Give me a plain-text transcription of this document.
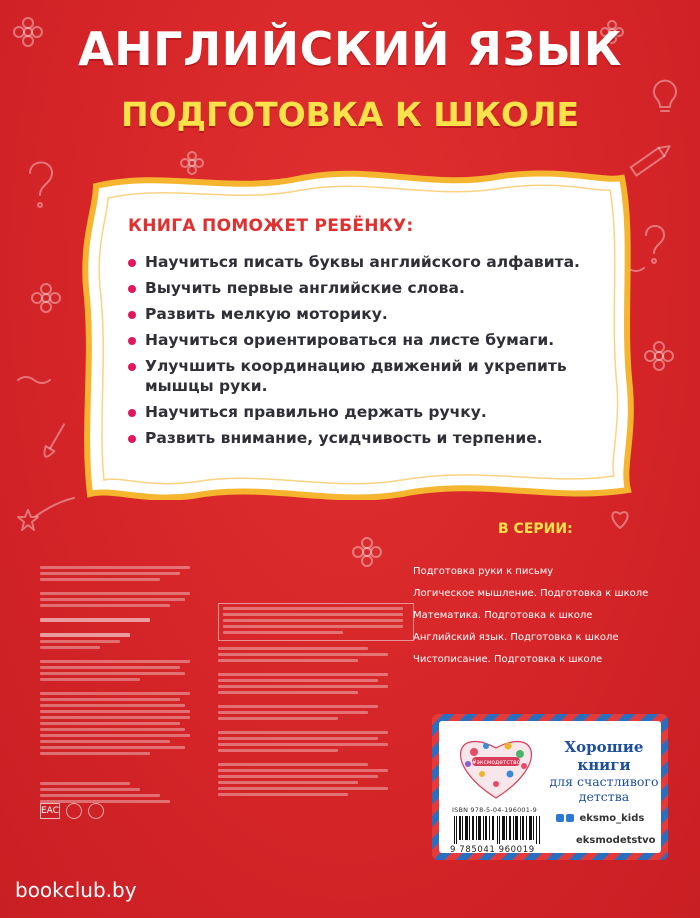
АНГЛИЙСКИЙ ЯЗЫК
ПОДГОТОВКА К ШКОЛЕ
КНИГА ПОМОЖЕТ РЕБЁНКУ:
Научиться писать буквы английского алфавита.
Выучить первые английские слова.
Развить мелкую моторику.
Научиться ориентироваться на листе бумаги.
Улучшить координацию движений и укрепить мышцы руки.
Научиться правильно держать ручку.
Развить внимание, усидчивость и терпение.
В СЕРИИ:
Подготовка руки к письму
Логическое мышление. Подготовка к школе
Математика. Подготовка к школе
Английский язык. Подготовка к школе
Чистописание. Подготовка к школе
EAC
#эксмодетство
Хорошие
книги
для счастливого
детства
eksmo_kids
eksmodetstvo
ISBN 978-5-04-196001-9
9 785041 960019
bookclub.by
